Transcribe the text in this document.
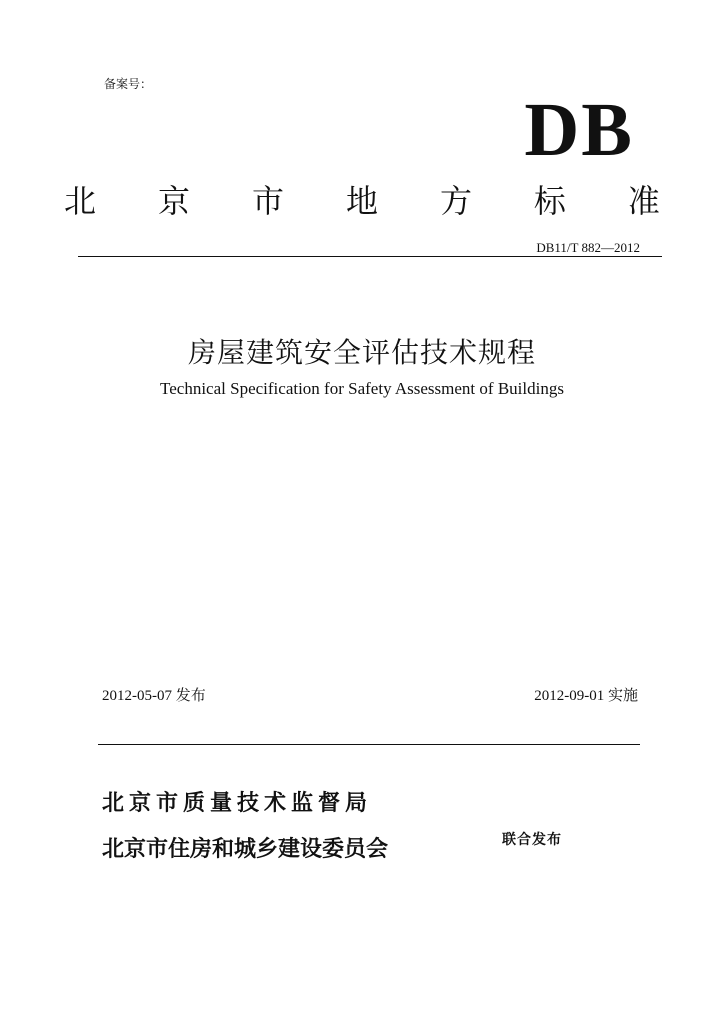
备案号：
DB
北 京 市 地 方 标 准
DB11/T 882—2012
房屋建筑安全评估技术规程
Technical Specification for Safety Assessment of Buildings
2012-05-07 发布	2012-09-01 实施
北京市质量技术监督局
北京市住房和城乡建设委员会	联合发布
